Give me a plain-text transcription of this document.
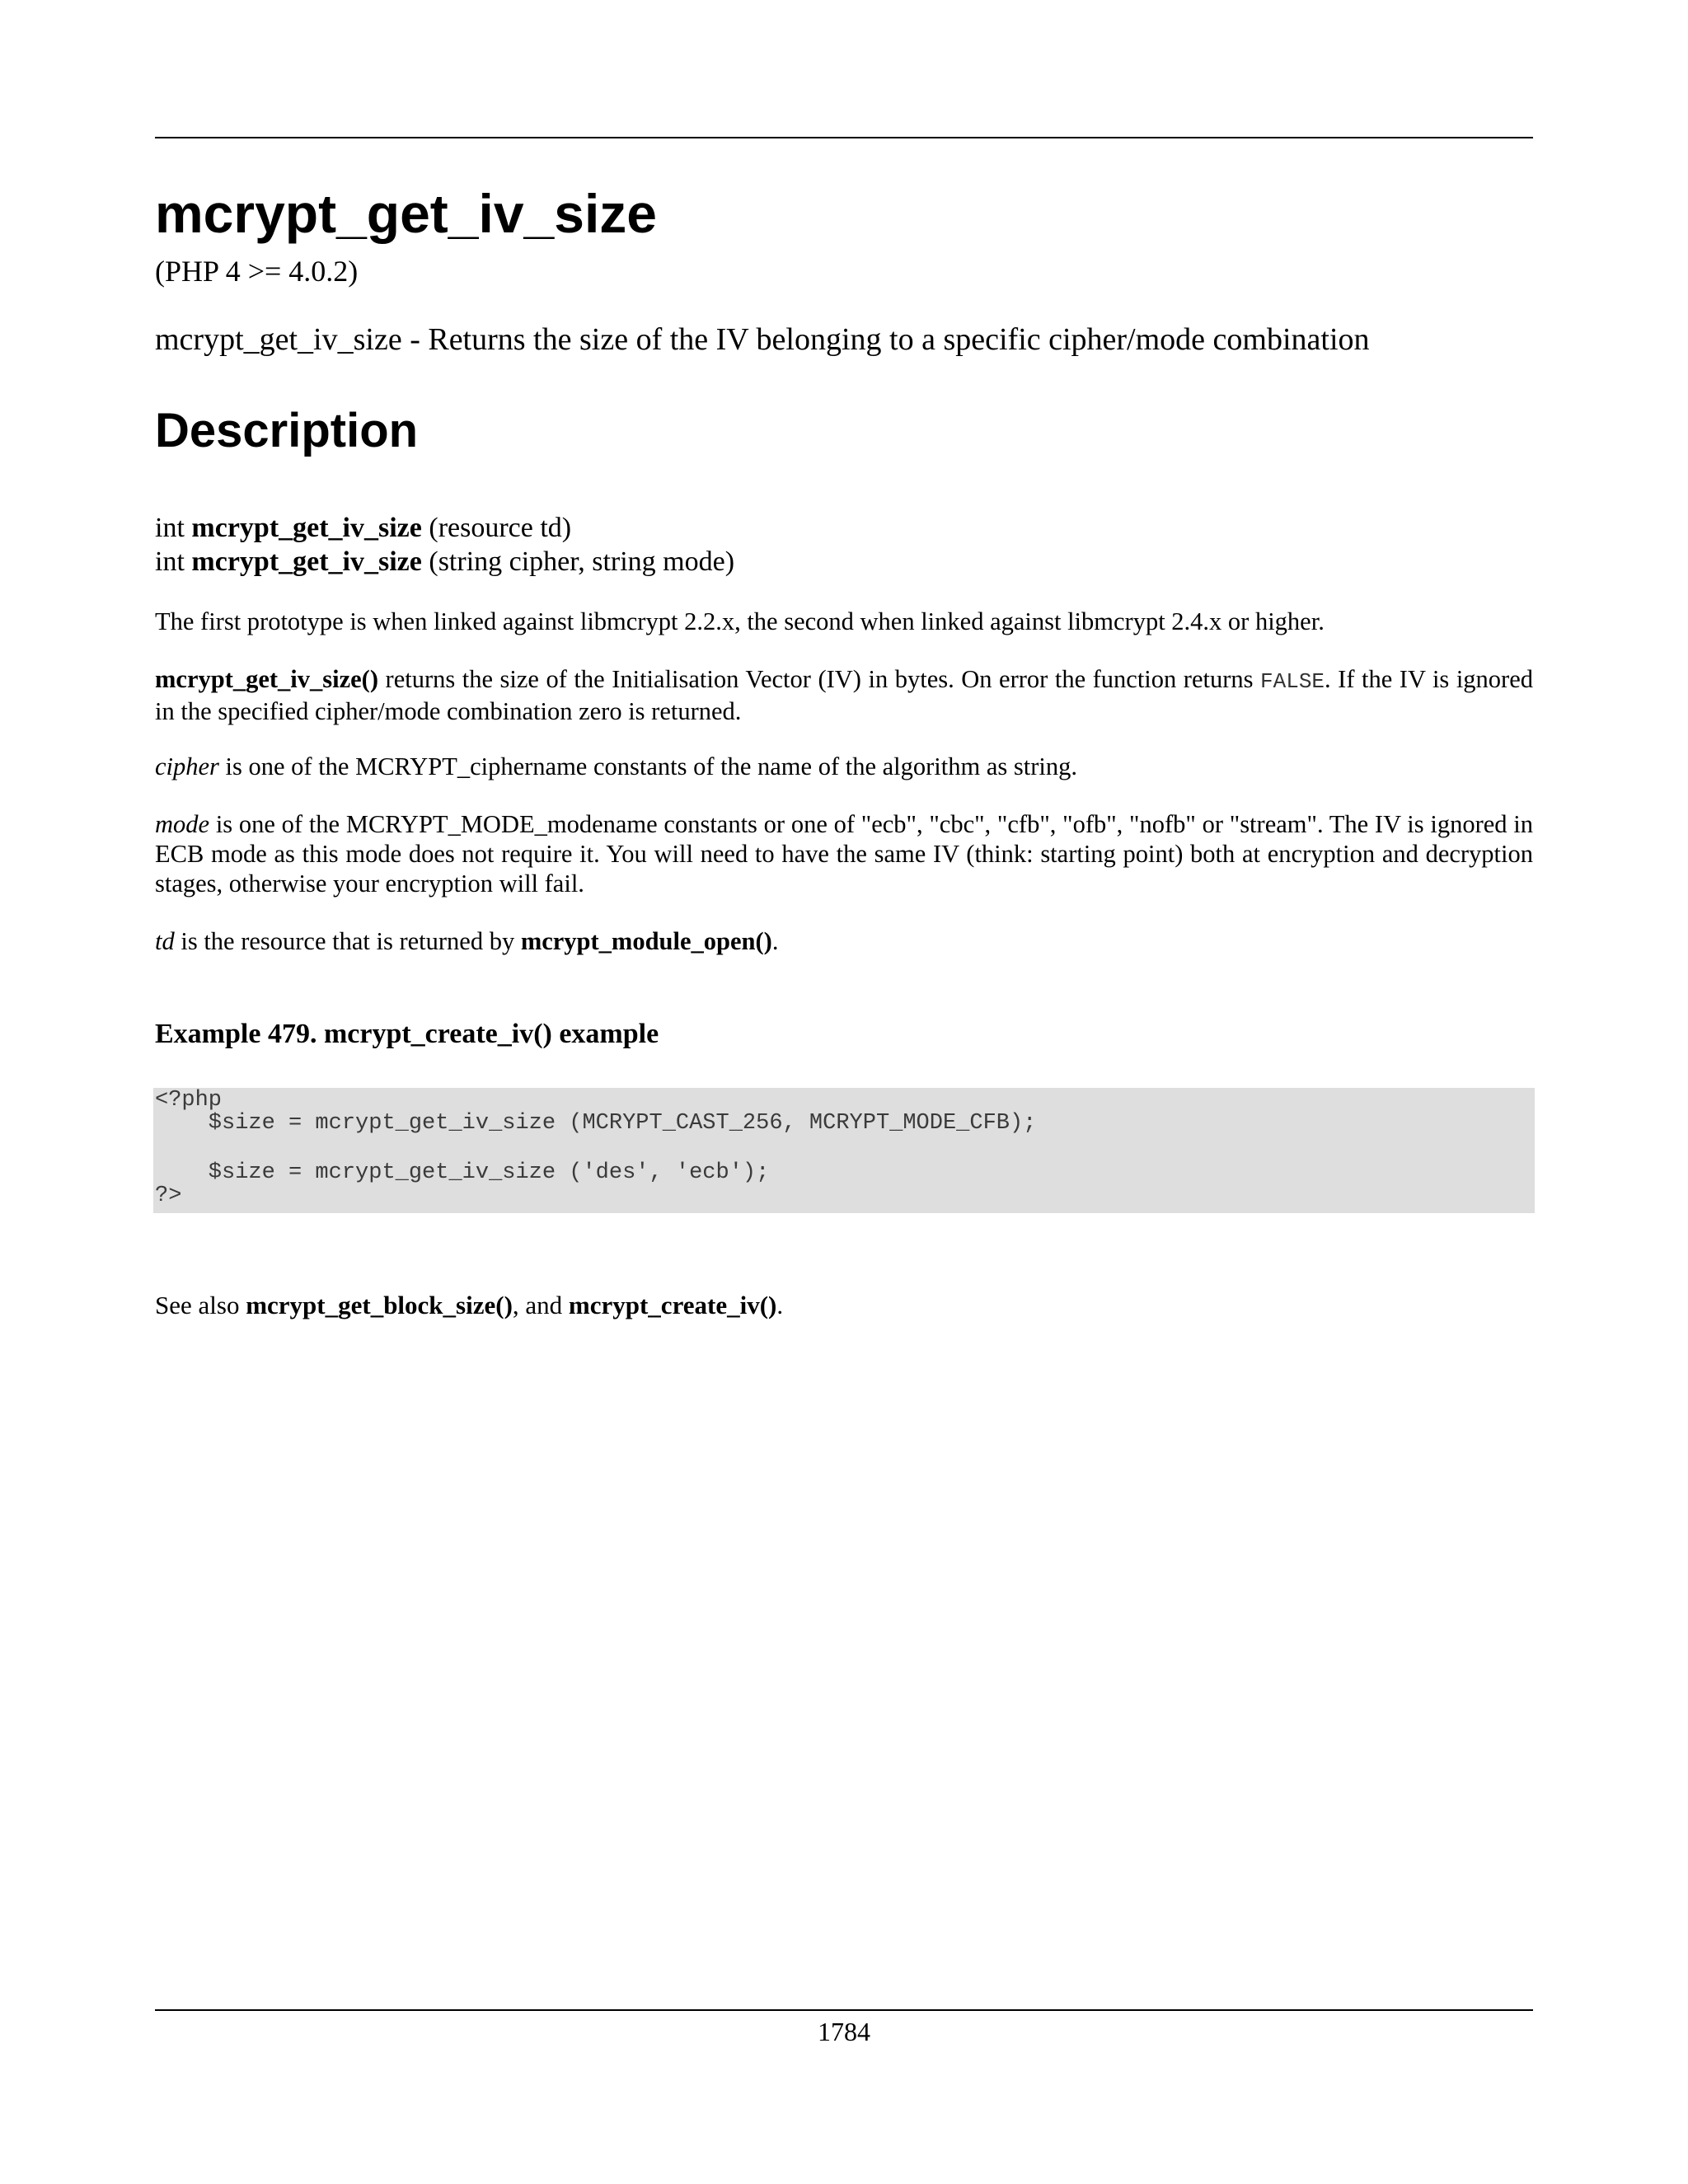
mcrypt_get_iv_size
(PHP 4 >= 4.0.2)
mcrypt_get_iv_size - Returns the size of the IV belonging to a specific cipher/mode combination
Description
int mcrypt_get_iv_size (resource td)
int mcrypt_get_iv_size (string cipher, string mode)
The first prototype is when linked against libmcrypt 2.2.x, the second when linked against libmcrypt 2.4.x or higher.
mcrypt_get_iv_size() returns the size of the Initialisation Vector (IV) in bytes. On error the function returns FALSE. If the IV is ignored in the specified cipher/mode combination zero is returned.
cipher is one of the MCRYPT_ciphername constants of the name of the algorithm as string.
mode is one of the MCRYPT_MODE_modename constants or one of "ecb", "cbc", "cfb", "ofb", "nofb" or "stream". The IV is ignored in ECB mode as this mode does not require it. You will need to have the same IV (think: starting point) both at encryption and decryption stages, otherwise your encryption will fail.
td is the resource that is returned by mcrypt_module_open().
Example 479. mcrypt_create_iv() example
<?php
$size = mcrypt_get_iv_size (MCRYPT_CAST_256, MCRYPT_MODE_CFB);
$size = mcrypt_get_iv_size ('des', 'ecb');
?>
See also mcrypt_get_block_size(), and mcrypt_create_iv().
1784
